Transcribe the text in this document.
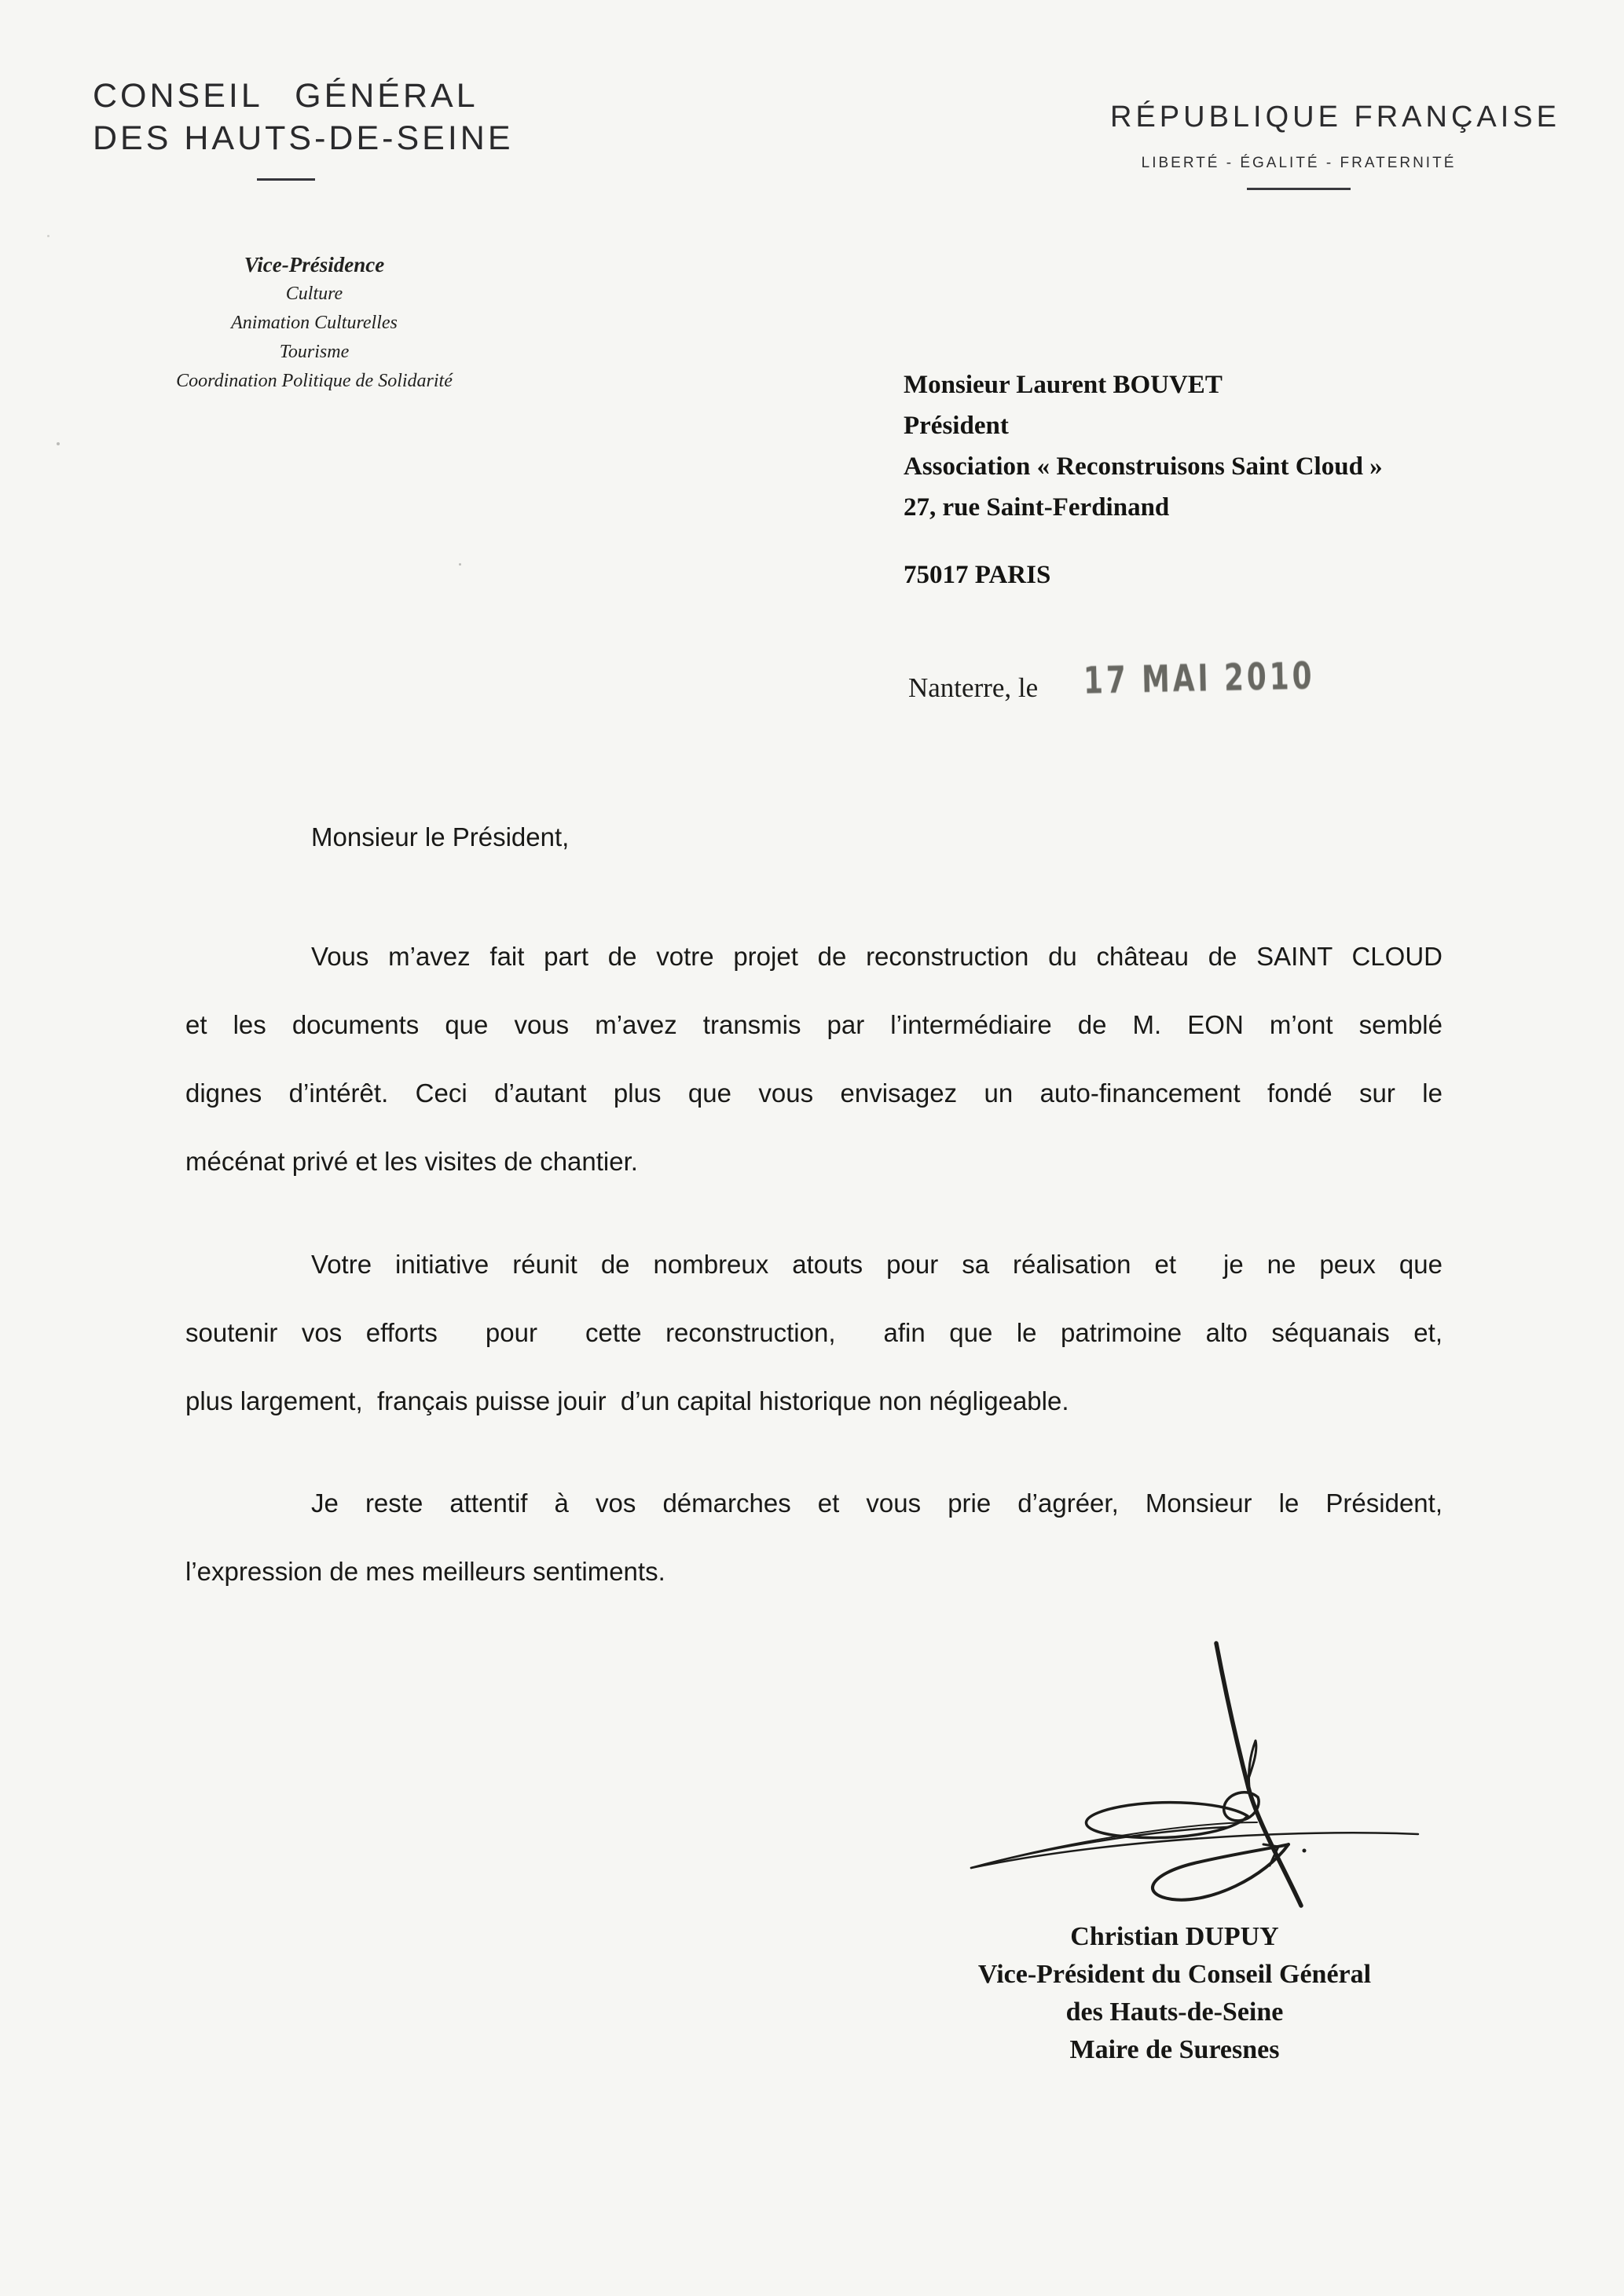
CONSEIL GÉNÉRAL
DES HAUTS-DE-SEINE
RÉPUBLIQUE FRANÇAISE
LIBERTÉ - ÉGALITÉ - FRATERNITÉ
Vice-Présidence
Culture
Animation Culturelles
Tourisme
Coordination Politique de Solidarité	Monsieur Laurent BOUVET
Président
Association « Reconstruisons Saint Cloud »
27, rue Saint-Ferdinand
75017 PARIS
Nanterre, le 17 MAI 2010
Monsieur le Président,
Vous m’avez fait part de votre projet de reconstruction du château de SAINT CLOUD
et les documents que vous m’avez transmis par l’intermédiaire de M. EON m’ont semblé
dignes d’intérêt. Ceci d’autant plus que vous envisagez un auto-financement fondé sur le
mécénat privé et les visites de chantier.
Votre initiative réunit de nombreux atouts pour sa réalisation et  je ne peux que
soutenir vos efforts  pour  cette reconstruction,  afin que le patrimoine alto séquanais et,
plus largement,  français puisse jouir  d’un capital historique non négligeable.
Je reste attentif à vos démarches et vous prie d’agréer, Monsieur le Président,
l’expression de mes meilleurs sentiments.
Christian DUPUY
Vice-Président du Conseil Général
des Hauts-de-Seine
Maire de Suresnes
